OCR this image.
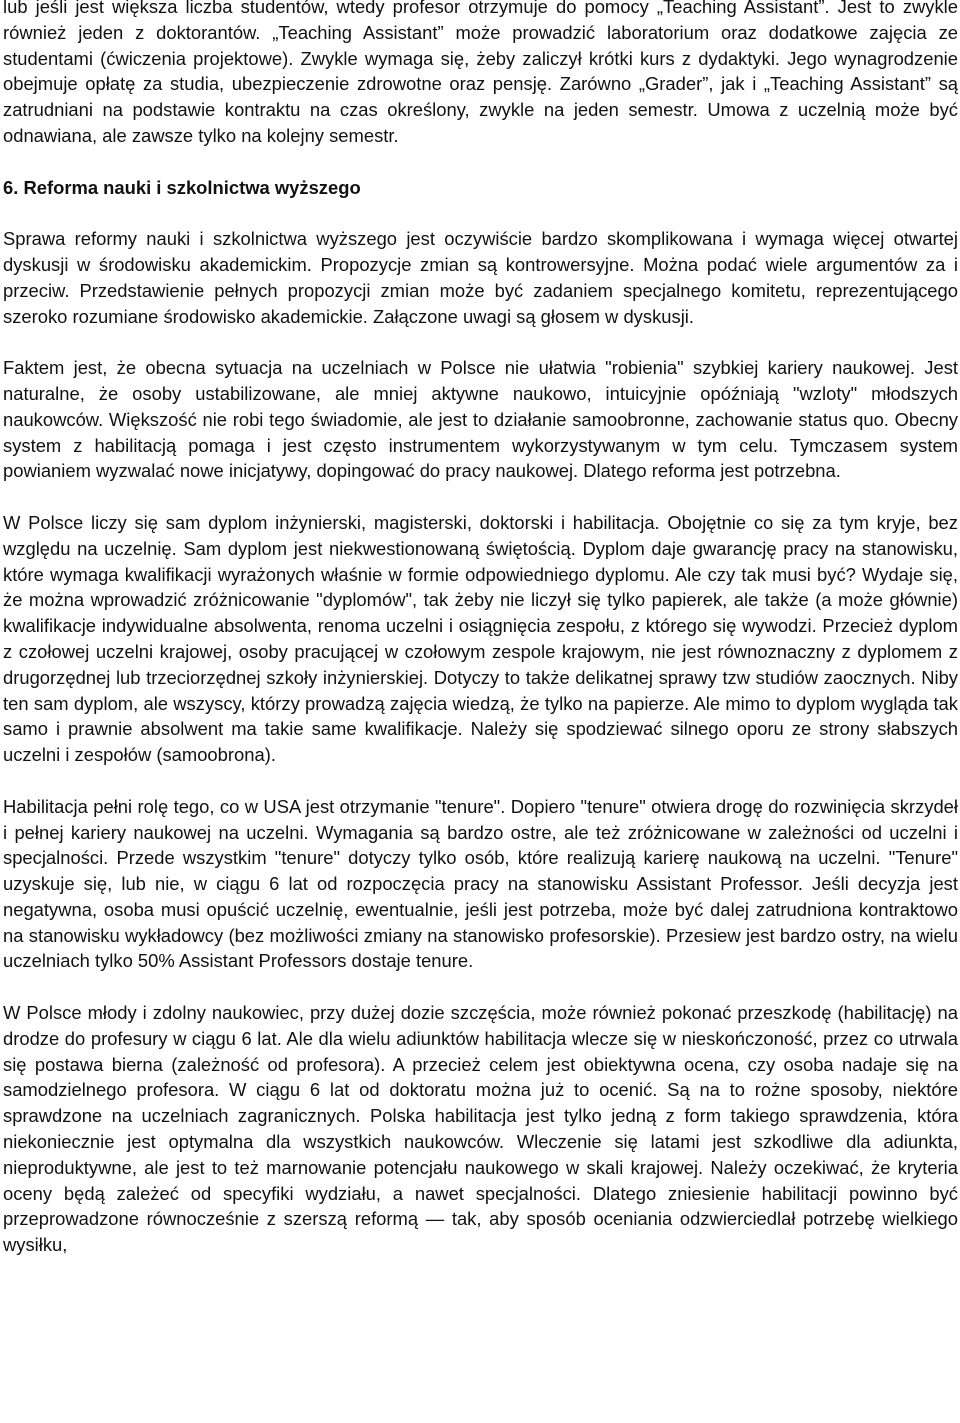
lub jeśli jest większa liczba studentów, wtedy profesor otrzymuje do pomocy „Teaching Assistant”. Jest to zwykle również jeden z doktorantów. „Teaching Assistant” może prowadzić laboratorium oraz dodatkowe zajęcia ze studentami (ćwiczenia projektowe). Zwykle wymaga się, żeby zaliczył krótki kurs z dydaktyki. Jego wynagrodzenie obejmuje opłatę za studia, ubezpieczenie zdrowotne oraz pensję. Zarówno „Grader”, jak i „Teaching Assistant” są zatrudniani na podstawie kontraktu na czas określony, zwykle na jeden semestr. Umowa z uczelnią może być odnawiana, ale zawsze tylko na kolejny semestr.

6. Reforma nauki i szkolnictwa wyższego

Sprawa reformy nauki i szkolnictwa wyższego jest oczywiście bardzo skomplikowana i wymaga więcej otwartej dyskusji w środowisku akademickim. Propozycje zmian są kontrowersyjne. Można podać wiele argumentów za i przeciw. Przedstawienie pełnych propozycji zmian może być zadaniem specjalnego komitetu, reprezentującego szeroko rozumiane środowisko akademickie. Załączone uwagi są głosem w dyskusji.

Faktem jest, że obecna sytuacja na uczelniach w Polsce nie ułatwia "robienia" szybkiej kariery naukowej. Jest naturalne, że osoby ustabilizowane, ale mniej aktywne naukowo, intuicyjnie opóźniają "wzloty" młodszych naukowców. Większość nie robi tego świadomie, ale jest to działanie samoobronne, zachowanie status quo. Obecny system z habilitacją pomaga i jest często instrumentem wykorzystywanym w tym celu. Tymczasem system powianiem wyzwalać nowe inicjatywy, dopingować do pracy naukowej. Dlatego reforma jest potrzebna.

W Polsce liczy się sam dyplom inżynierski, magisterski, doktorski i habilitacja. Obojętnie co się za tym kryje, bez względu na uczelnię. Sam dyplom jest niekwestionowaną świętością. Dyplom daje gwarancję pracy na stanowisku, które wymaga kwalifikacji wyrażonych właśnie w formie odpowiedniego dyplomu. Ale czy tak musi być? Wydaje się, że można wprowadzić zróżnicowanie "dyplomów", tak żeby nie liczył się tylko papierek, ale także (a może głównie) kwalifikacje indywidualne absolwenta, renoma uczelni i osiągnięcia zespołu, z którego się wywodzi. Przecież dyplom z czołowej uczelni krajowej, osoby pracującej w czołowym zespole krajowym, nie jest równoznaczny z dyplomem z drugorzędnej lub trzeciorzędnej szkoły inżynierskiej. Dotyczy to także delikatnej sprawy tzw studiów zaocznych. Niby ten sam dyplom, ale wszyscy, którzy prowadzą zajęcia wiedzą, że tylko na papierze. Ale mimo to dyplom wygląda tak samo i prawnie absolwent ma takie same kwalifikacje. Należy się spodziewać silnego oporu ze strony słabszych uczelni i zespołów (samoobrona).

Habilitacja pełni rolę tego, co w USA jest otrzymanie "tenure". Dopiero "tenure" otwiera drogę do rozwinięcia skrzydeł i pełnej kariery naukowej na uczelni. Wymagania są bardzo ostre, ale też zróżnicowane w zależności od uczelni i specjalności. Przede wszystkim "tenure" dotyczy tylko osób, które realizują karierę naukową na uczelni. "Tenure" uzyskuje się, lub nie, w ciągu 6 lat od rozpoczęcia pracy na stanowisku Assistant Professor. Jeśli decyzja jest negatywna, osoba musi opuścić uczelnię, ewentualnie, jeśli jest potrzeba, może być dalej zatrudniona kontraktowo na stanowisku wykładowcy (bez możliwości zmiany na stanowisko profesorskie). Przesiew jest bardzo ostry, na wielu uczelniach tylko 50% Assistant Professors dostaje tenure.

W Polsce młody i zdolny naukowiec, przy dużej dozie szczęścia, może również pokonać przeszkodę (habilitację) na drodze do profesury w ciągu 6 lat. Ale dla wielu adiunktów habilitacja wlecze się w nieskończoność, przez co utrwala się postawa bierna (zależność od profesora). A przecież celem jest obiektywna ocena, czy osoba nadaje się na samodzielnego profesora. W ciągu 6 lat od doktoratu można już to ocenić. Są na to rożne sposoby, niektóre sprawdzone na uczelniach zagranicznych. Polska habilitacja jest tylko jedną z form takiego sprawdzenia, która niekonieczniе jest optymalna dla wszystkich naukowców. Wleczenie się latami jest szkodliwe dla adiunkta, nieproduktywne, ale jest to też marnowanie potencjału naukowego w skali krajowej. Należy oczekiwać, że kryteria oceny będą zależeć od specyfiki wydziału, a nawet specjalności. Dlatego zniesienie habilitacji powinno być przeprowadzone równocześnie z szerszą reformą — tak, aby sposób oceniania odzwierciedlał potrzebę wielkiego wysiłku,
